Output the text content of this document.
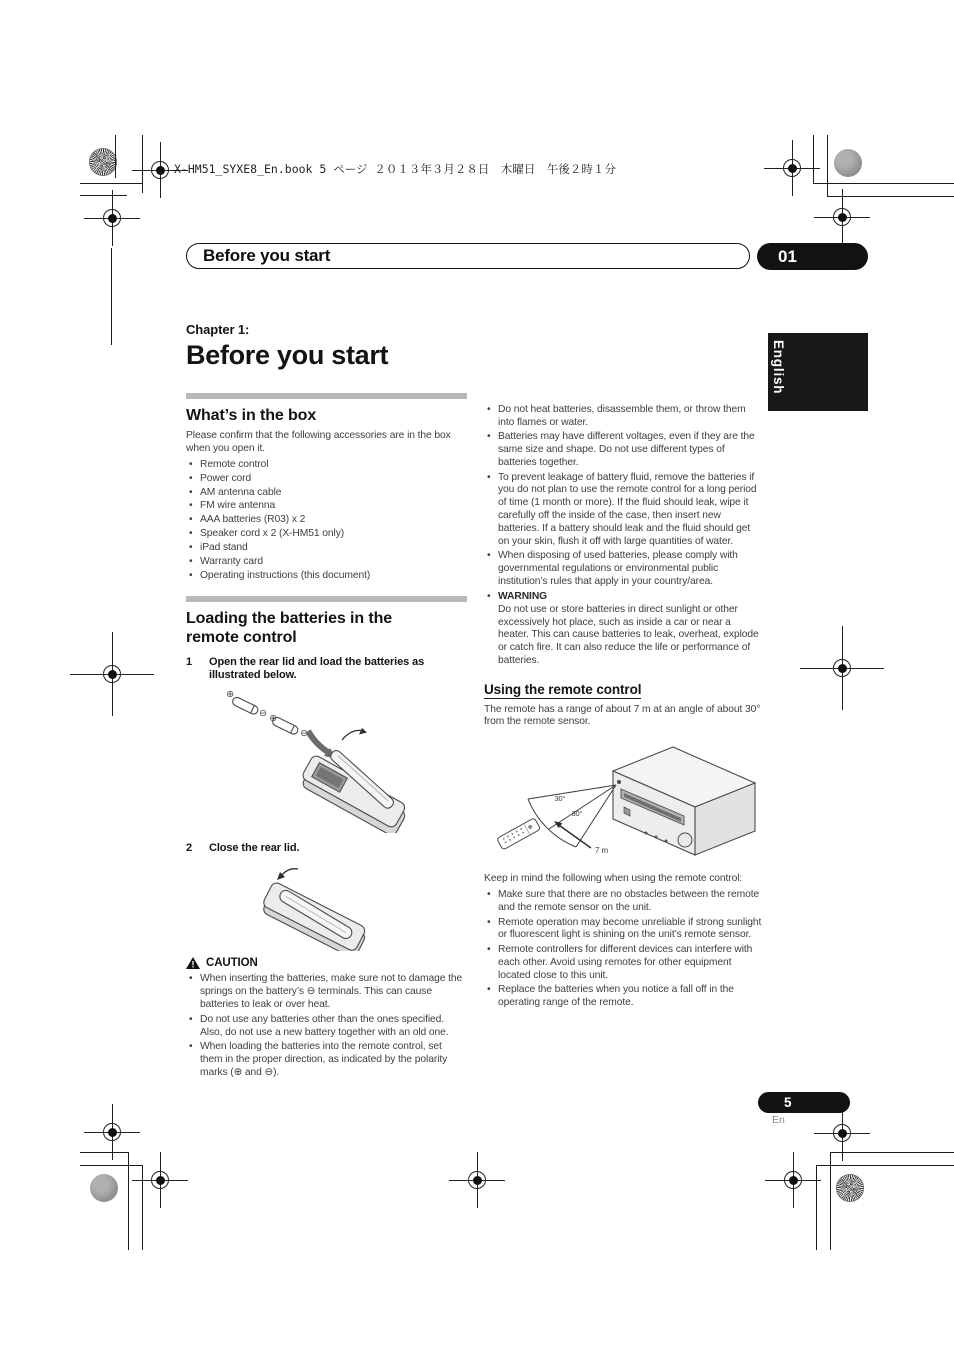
X-HM51_SYXE8_En.book 5 ページ ２０１３年３月２８日　木曜日　午後２時１分
Before you start	01
English
Chapter 1:
Before you start
What’s in the box

Please confirm that the following accessories are in the box when you open it.

• Remote control
• Power cord
• AM antenna cable
• FM wire antenna
• AAA batteries (R03) x 2
• Speaker cord x 2 (X-HM51 only)
• iPad stand
• Warranty card
• Operating instructions (this document)
Loading the batteries in the remote control
1	Open the rear lid and load the batteries as illustrated below.
⊕
⊖ ⊕
⊖
2	Close the rear lid.
! CAUTION
• When inserting the batteries, make sure not to damage the springs on the battery’s ⊖ terminals. This can cause batteries to leak or over heat.
• Do not use any batteries other than the ones specified. Also, do not use a new battery together with an old one.
• When loading the batteries into the remote control, set them in the proper direction, as indicated by the polarity marks (⊕ and ⊖).
• Do not heat batteries, disassemble them, or throw them into flames or water.
• Batteries may have different voltages, even if they are the same size and shape. Do not use different types of batteries together.
• To prevent leakage of battery fluid, remove the batteries if you do not plan to use the remote control for a long period of time (1 month or more). If the fluid should leak, wipe it carefully off the inside of the case, then insert new batteries. If a battery should leak and the fluid should get on your skin, flush it off with large quantities of water.
• When disposing of used batteries, please comply with governmental regulations or environmental public institution’s rules that apply in your country/area.
• WARNING
Do not use or store batteries in direct sunlight or other excessively hot place, such as inside a car or near a heater. This can cause batteries to leak, overheat, explode or catch fire. It can also reduce the life or performance of batteries.
Using the remote control

The remote has a range of about 7 m at an angle of about 30° from the remote sensor.

30°
30°
7 m

Keep in mind the following when using the remote control:

• Make sure that there are no obstacles between the remote and the remote sensor on the unit.
• Remote operation may become unreliable if strong sunlight or fluorescent light is shining on the unit’s remote sensor.
• Remote controllers for different devices can interfere with each other. Avoid using remotes for other equipment located close to this unit.
• Replace the batteries when you notice a fall off in the operating range of the remote.
5
En
